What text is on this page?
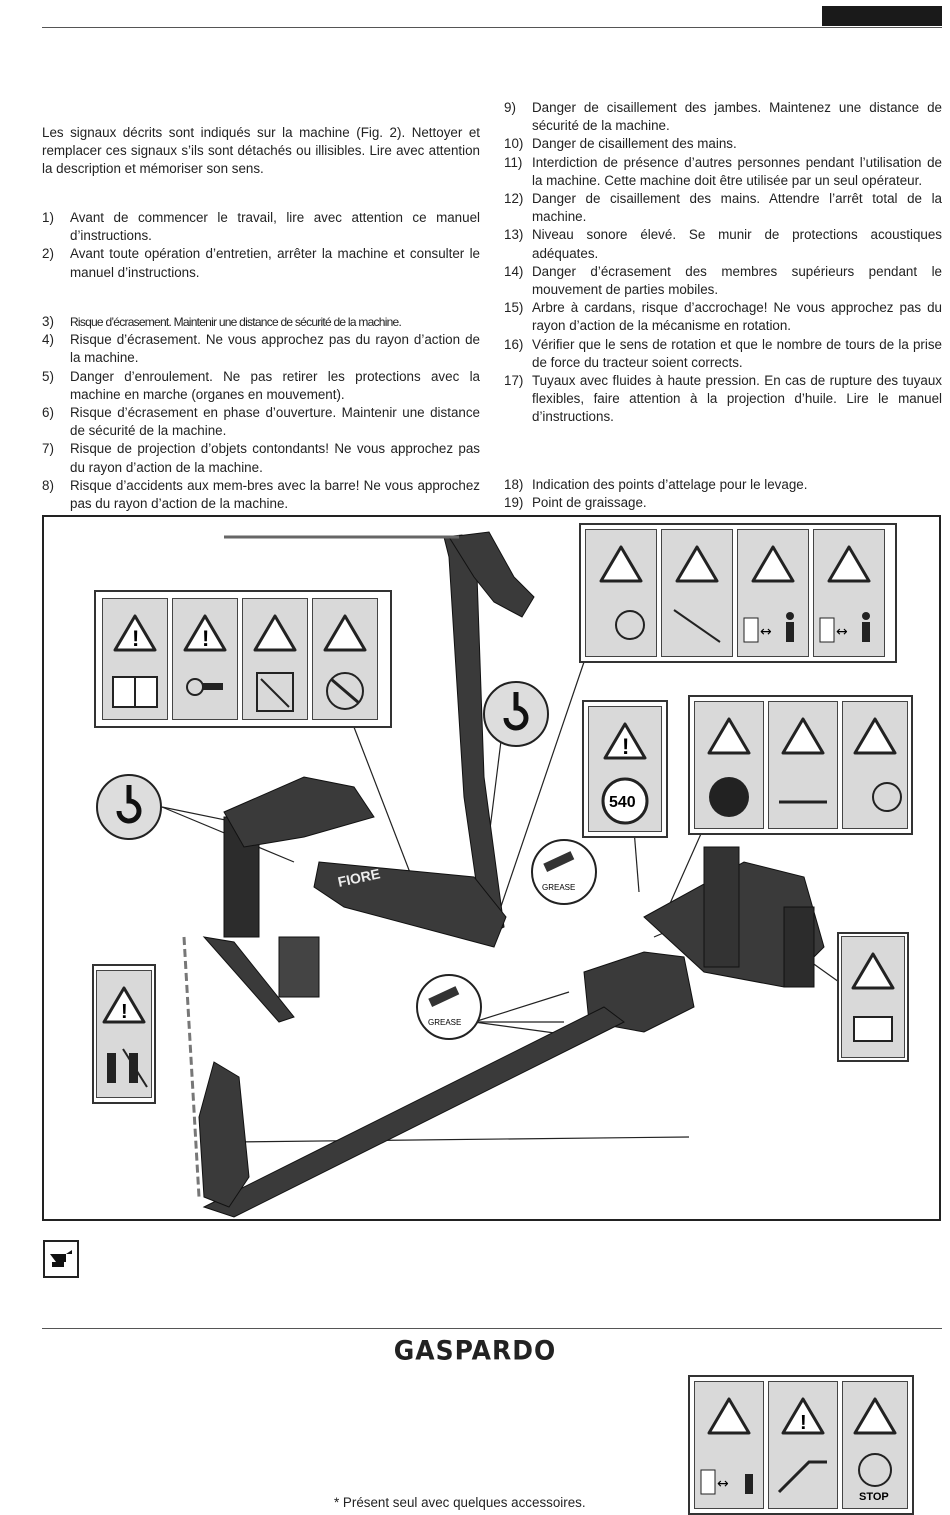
Les signaux décrits sont indiqués sur la machine (Fig. 2). Nettoyer et remplacer ces signaux s’ils sont détachés ou illisibles. Lire avec attention la description et mémoriser son sens.
1)	Avant de commencer le travail, lire avec attention ce manuel d’instructions.
2)	Avant toute opération d’entretien, arrêter la machine et consulter le manuel d’instructions.
3)	Risque d’écrasement. Maintenir une distance de sécurité de la machine.
4)	Risque d’écrasement. Ne vous approchez pas du rayon d’action de la machine.
5)	Danger d’enroulement. Ne pas retirer les protections avec la machine en marche (organes en mouvement).
6)	Risque d’écrasement en phase d’ouverture. Maintenir une distance de sécurité de la machine.
7)	Risque de projection d’objets contondants! Ne vous approchez pas du rayon d’action de la machine.
8)	Risque d’accidents aux mem-bres avec la barre! Ne vous approchez pas du rayon d’action de la machine.
9)	Danger de cisaillement des jambes. Maintenez une distance de sécurité de la machine.
10) Danger de cisaillement des mains.
11) Interdiction de présence d’autres personnes pendant l’utilisation de la machine. Cette machine doit être utilisée par un seul opérateur.
12) Danger de cisaillement des mains. Attendre l’arrêt total de la machine.
13) Niveau sonore élevé. Se munir de protections acoustiques adéquates.
14) Danger d’écrasement des membres supérieurs pendant le mouvement de parties mobiles.
15) Arbre à cardans, risque d’accrochage! Ne vous approchez pas du rayon d’action de la mécanisme en rotation.
16) Vérifier que le sens de rotation et que le nombre de tours de la prise de force du tracteur soient corrects.
17) Tuyaux avec fluides à haute pression. En cas de rupture des tuyaux flexibles, faire attention à la projection d’huile. Lire le manuel d’instructions.
18) Indication des points d’attelage pour le levage.
19) Point de graissage.
FIORE	GREASE
GREASE
!	!	↔	↔
!
540
!
↔
!
STOP
* Présent seul avec quelques accessoires.
GASPARDO
